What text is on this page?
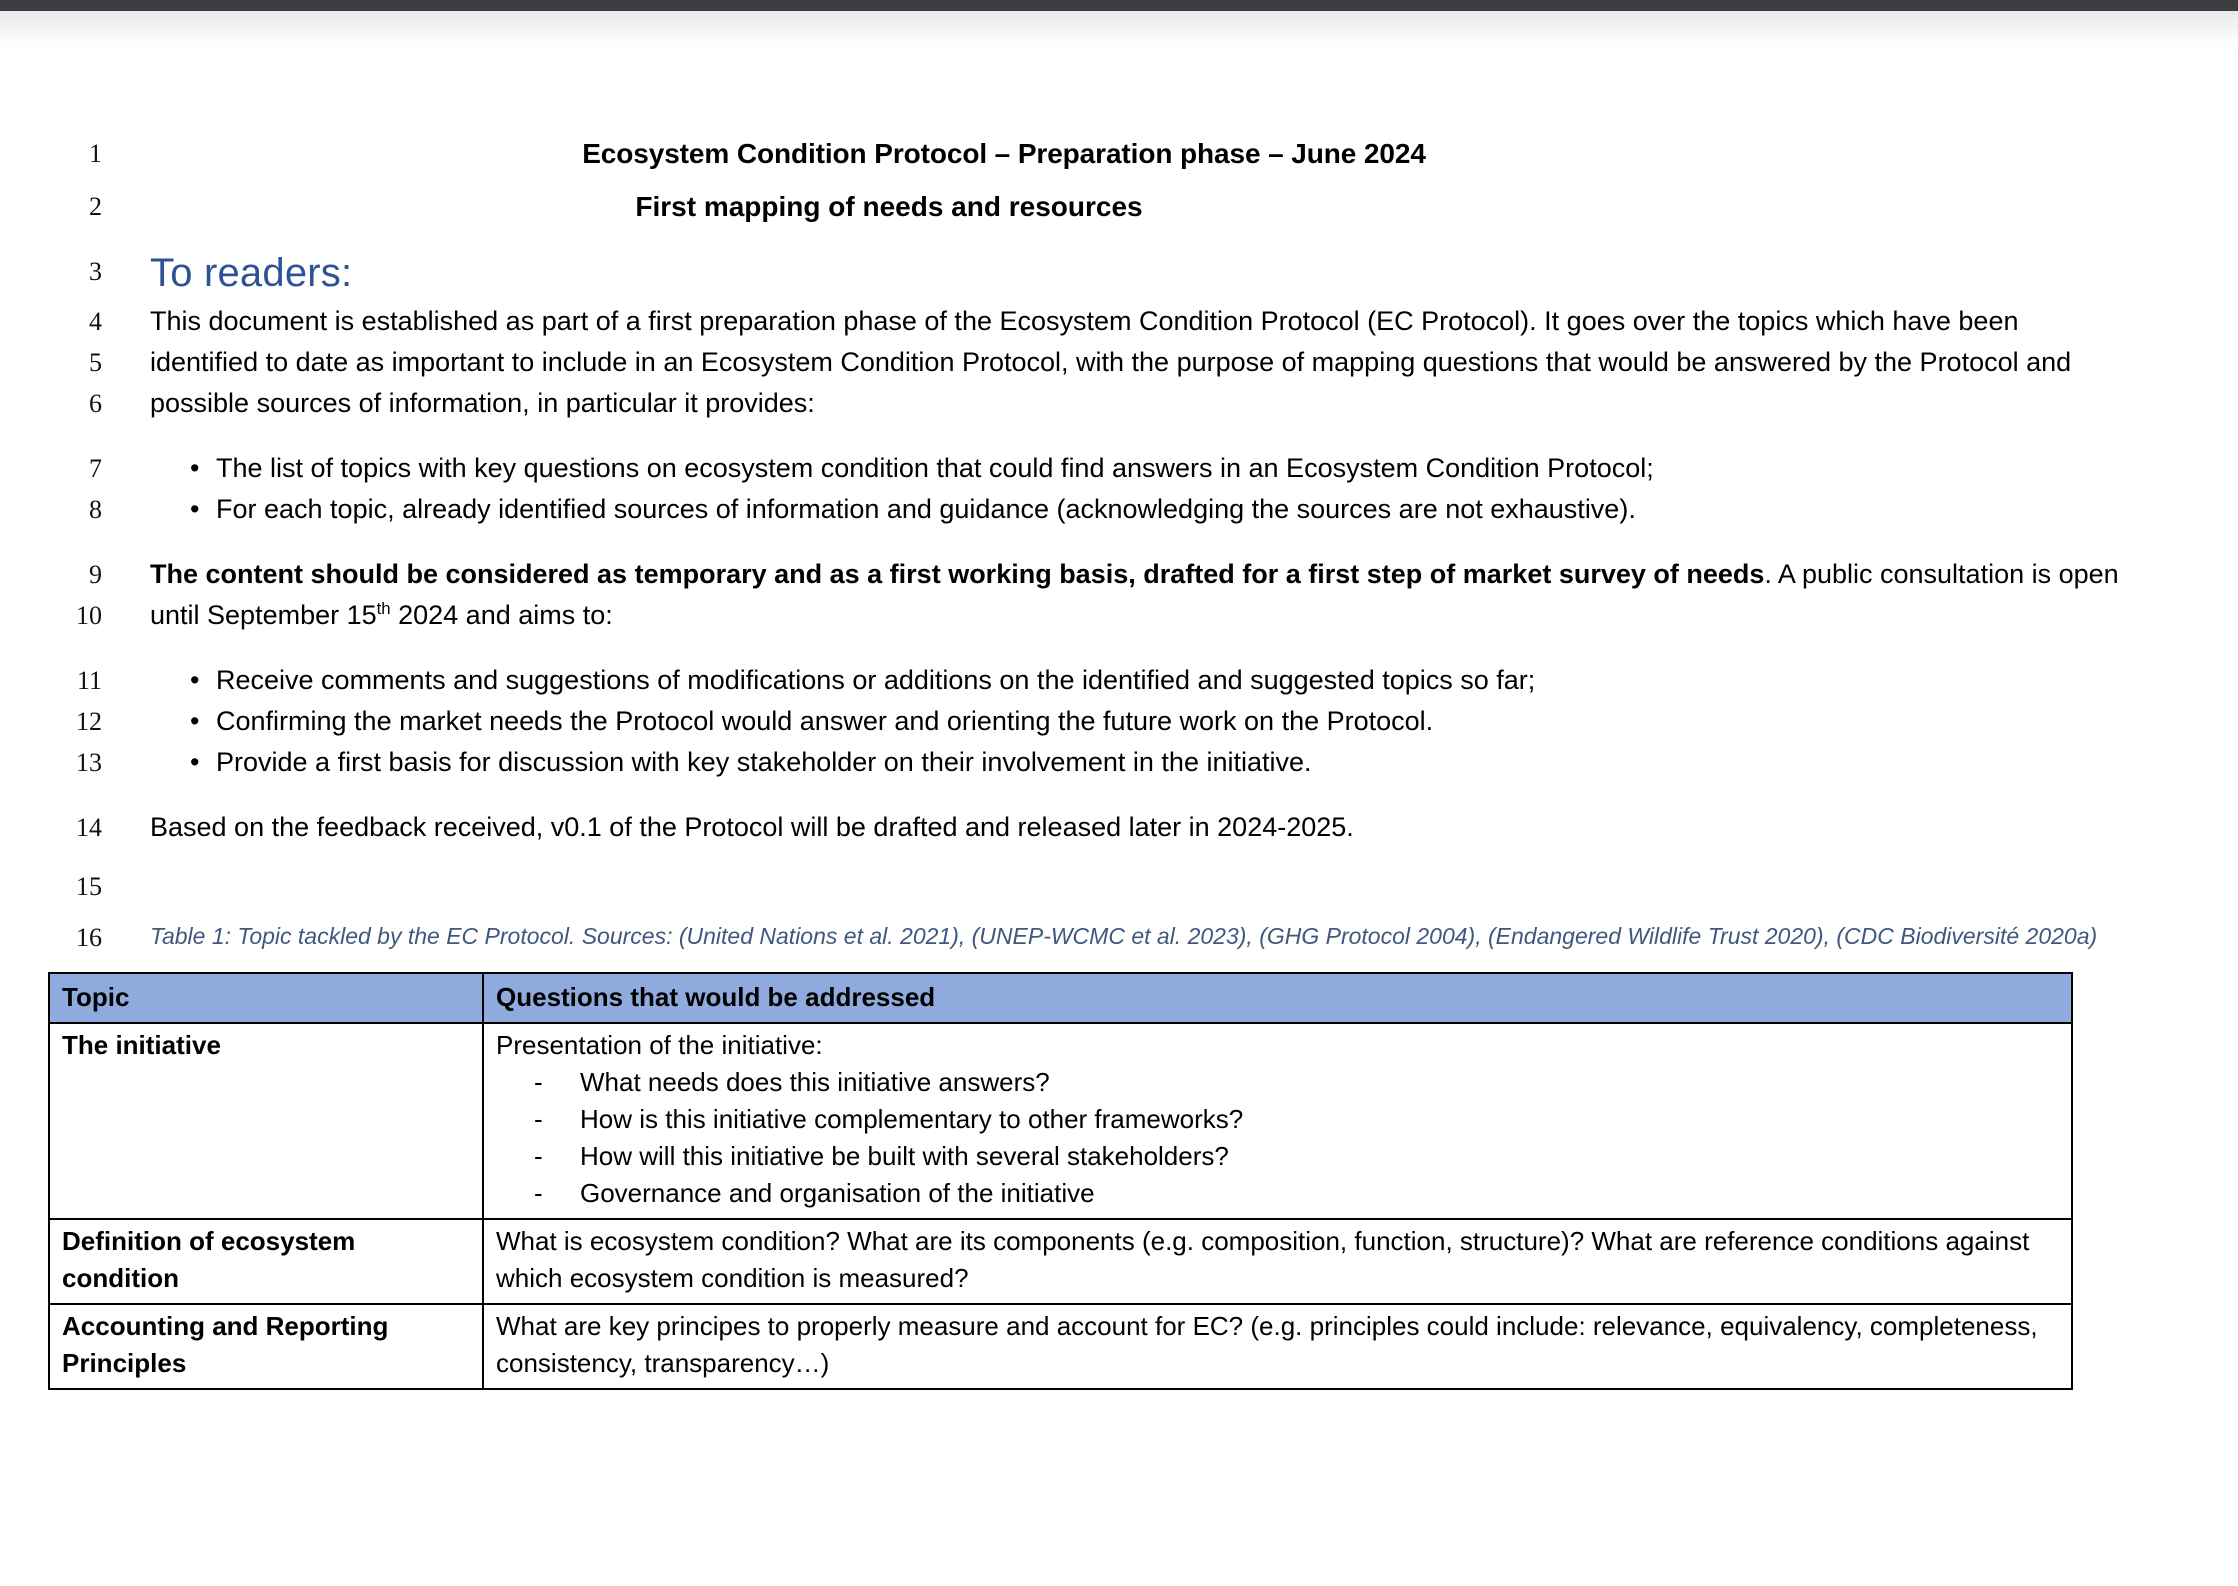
1	Ecosystem Condition Protocol – Preparation phase – June 2024
2	First mapping of needs and resources
3	To readers:
4
5
6
This document is established as part of a first preparation phase of the Ecosystem Condition Protocol (EC Protocol). It goes over the topics which have been identified to date as important to include in an Ecosystem Condition Protocol, with the purpose of mapping questions that would be answered by the Protocol and possible sources of information, in particular it provides:
7	• The list of topics with key questions on ecosystem condition that could find answers in an Ecosystem Condition Protocol;
8	• For each topic, already identified sources of information and guidance (acknowledging the sources are not exhaustive).
9
10
The content should be considered as temporary and as a first working basis, drafted for a first step of market survey of needs. A public consultation is open until September 15th 2024 and aims to:
11	• Receive comments and suggestions of modifications or additions on the identified and suggested topics so far;
12	• Confirming the market needs the Protocol would answer and orienting the future work on the Protocol.
13	• Provide a first basis for discussion with key stakeholder on their involvement in the initiative.
14	Based on the feedback received, v0.1 of the Protocol will be drafted and released later in 2024-2025.
15

16	Table 1: Topic tackled by the EC Protocol. Sources: (United Nations et al. 2021), (UNEP-WCMC et al. 2023), (GHG Protocol 2004), (Endangered Wildlife Trust 2020), (CDC Biodiversité 2020a)
Topic	Questions that would be addressed
The initiative	Presentation of the initiative:
-	What needs does this initiative answers?
-	How is this initiative complementary to other frameworks?
-	How will this initiative be built with several stakeholders?
-	Governance and organisation of the initiative

Definition of ecosystem condition	What is ecosystem condition? What are its components (e.g. composition, function, structure)? What are reference conditions against which ecosystem condition is measured?
Accounting and Reporting Principles	What are key principes to properly measure and account for EC? (e.g. principles could include: relevance, equivalency, completeness, consistency, transparency…)
